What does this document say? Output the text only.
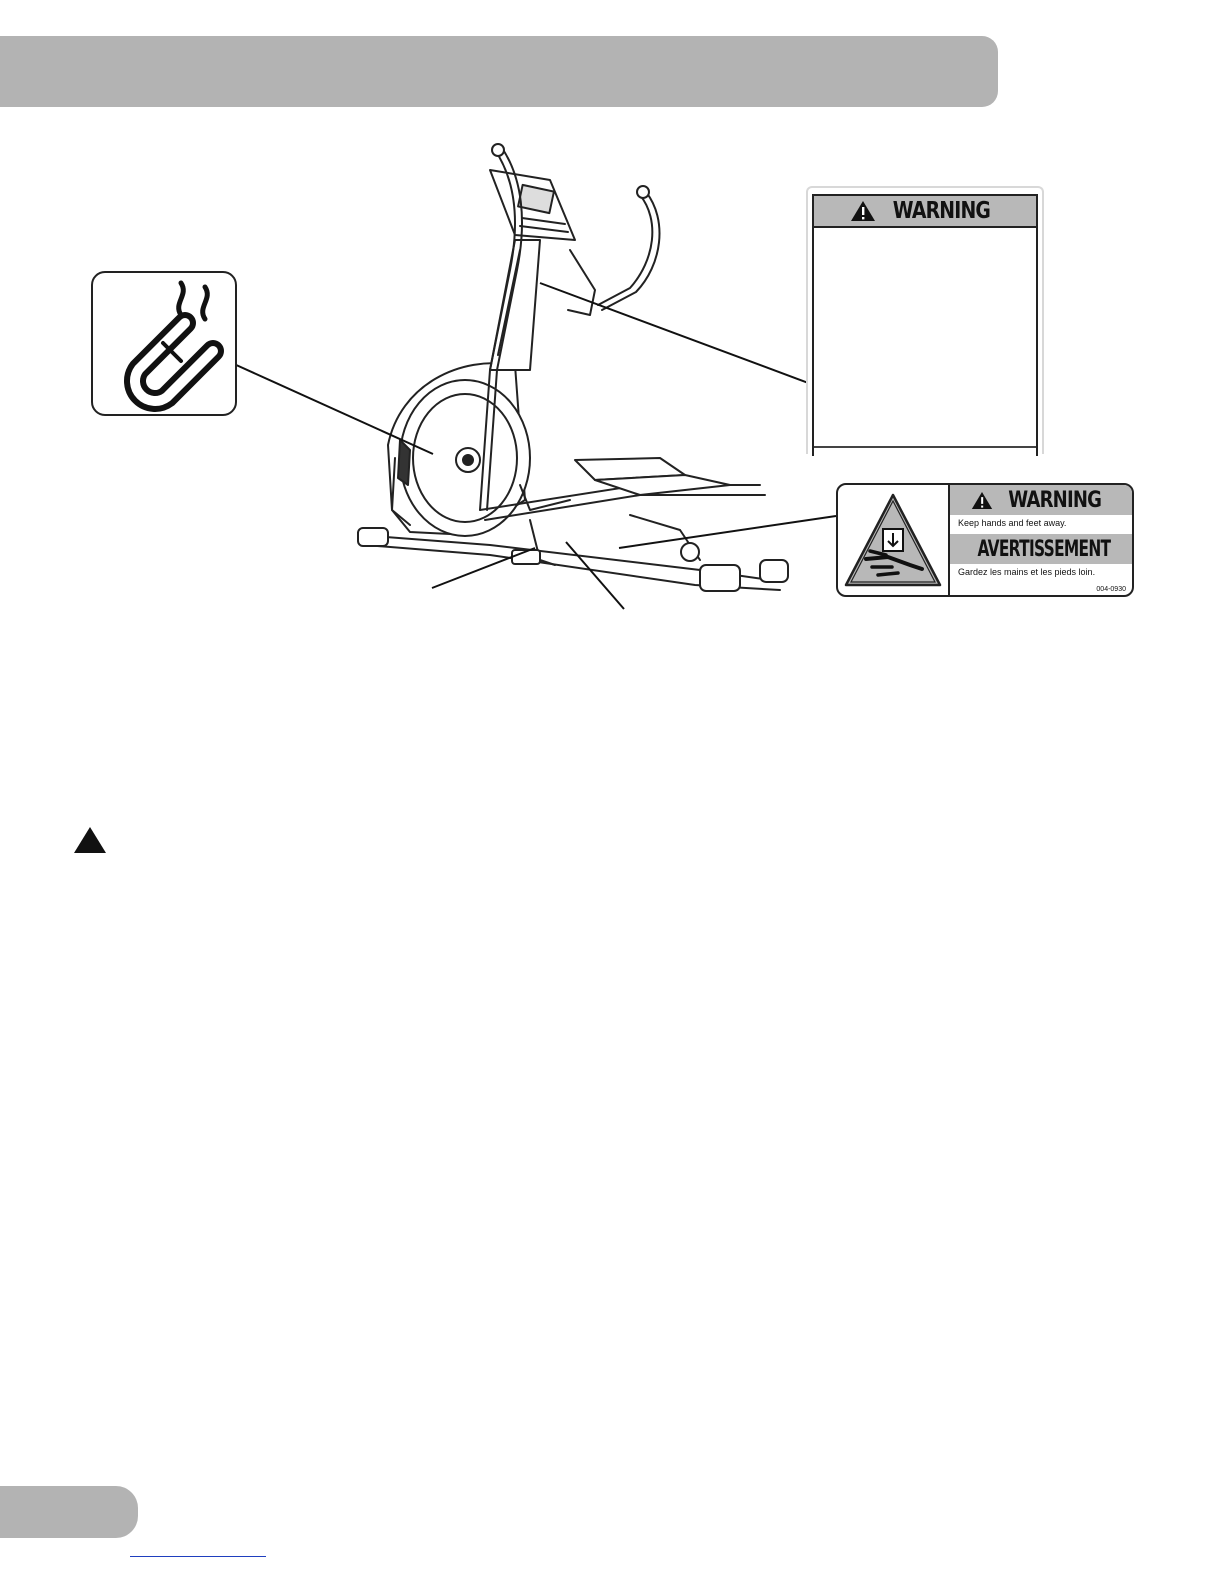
WARNING
WARNING
Keep hands and feet away.
AVERTISSEMENT
Gardez les mains et les pieds loin.
004-0930
